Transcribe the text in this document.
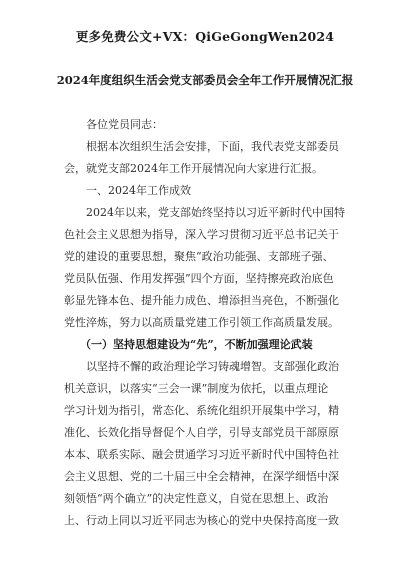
更多免费公文+VX：QiGeGongWen2024
2024年度组织生活会党支部委员会全年工作开展情况汇报
各位党员同志：
根据本次组织生活会安排，下面，我代表党支部委员
会，就党支部2024年工作开展情况向大家进行汇报。
一、2024年工作成效
2024年以来，党支部始终坚持以习近平新时代中国特
色社会主义思想为指导，深入学习贯彻习近平总书记关于
党的建设的重要思想，聚焦“政治功能强、支部班子强、
党员队伍强、作用发挥强”四个方面，坚持擦亮政治底色
彰显先锋本色、提升能力成色、增添担当亮色，不断强化
党性淬炼，努力以高质量党建工作引领工作高质量发展。
（一）坚持思想建设为“先”，不断加强理论武装
以坚持不懈的政治理论学习铸魂增智。支部强化政治
机关意识，以落实“三会一课”制度为依托，以重点理论
学习计划为指引，常态化、系统化组织开展集中学习，精
准化、长效化指导督促个人自学，引导支部党员干部原原
本本、联系实际、融会贯通学习习近平新时代中国特色社
会主义思想、党的二十届三中全会精神，在深学细悟中深
刻领悟“两个确立”的决定性意义，自觉在思想上、政治
上、行动上同以习近平同志为核心的党中央保持高度一致
